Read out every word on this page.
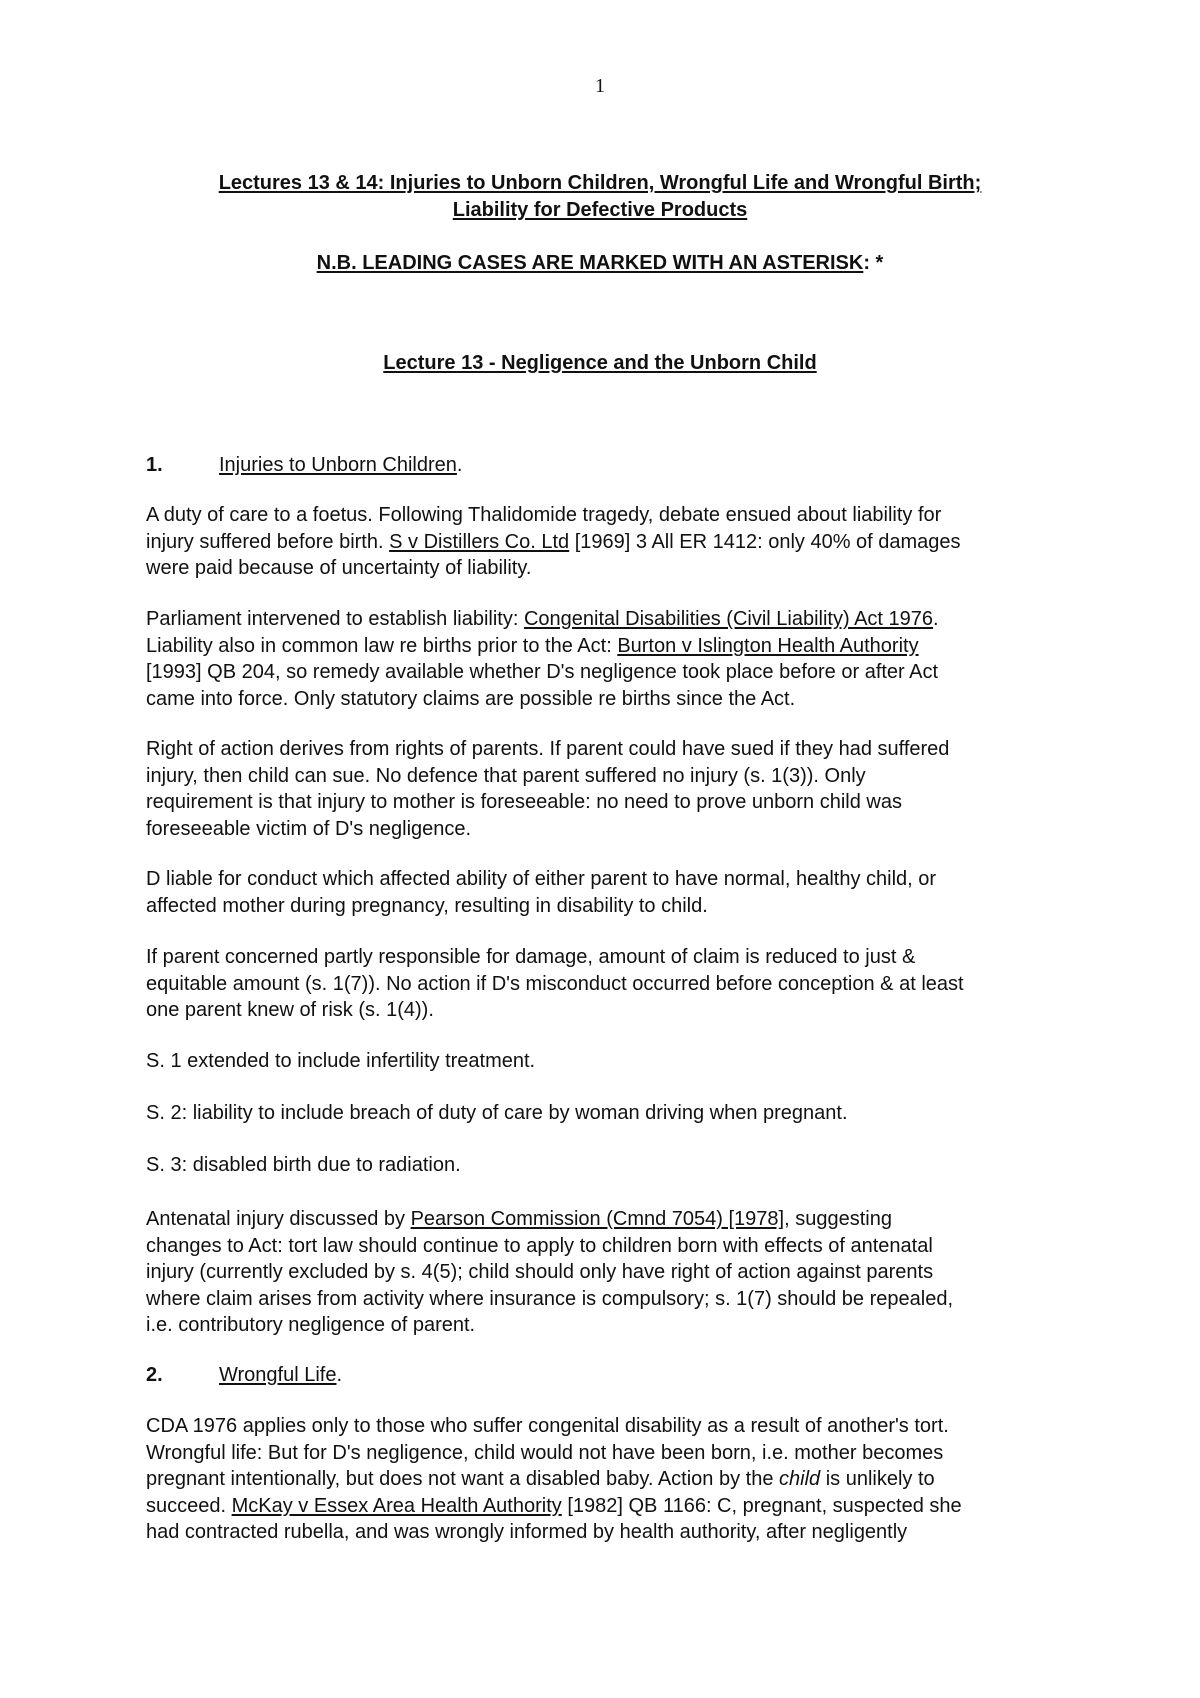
1
Lectures 13 & 14: Injuries to Unborn Children, Wrongful Life and Wrongful Birth;
Liability for Defective Products
N.B. LEADING CASES ARE MARKED WITH AN ASTERISK: *
Lecture 13 - Negligence and the Unborn Child
1.	Injuries to Unborn Children.
A duty of care to a foetus. Following Thalidomide tragedy, debate ensued about liability for
injury suffered before birth. S v Distillers Co. Ltd [1969] 3 All ER 1412: only 40% of damages
were paid because of uncertainty of liability.
Parliament intervened to establish liability: Congenital Disabilities (Civil Liability) Act 1976.
Liability also in common law re births prior to the Act: Burton v Islington Health Authority
[1993] QB 204, so remedy available whether D's negligence took place before or after Act
came into force. Only statutory claims are possible re births since the Act.
Right of action derives from rights of parents. If parent could have sued if they had suffered
injury, then child can sue. No defence that parent suffered no injury (s. 1(3)). Only
requirement is that injury to mother is foreseeable: no need to prove unborn child was
foreseeable victim of D's negligence.
D liable for conduct which affected ability of either parent to have normal, healthy child, or
affected mother during pregnancy, resulting in disability to child.
If parent concerned partly responsible for damage, amount of claim is reduced to just &
equitable amount (s. 1(7)). No action if D's misconduct occurred before conception & at least
one parent knew of risk (s. 1(4)).
S. 1 extended to include infertility treatment.
S. 2: liability to include breach of duty of care by woman driving when pregnant.
S. 3: disabled birth due to radiation.
Antenatal injury discussed by Pearson Commission (Cmnd 7054) [1978], suggesting
changes to Act: tort law should continue to apply to children born with effects of antenatal
injury (currently excluded by s. 4(5); child should only have right of action against parents
where claim arises from activity where insurance is compulsory; s. 1(7) should be repealed,
i.e. contributory negligence of parent.
2.	Wrongful Life.
CDA 1976 applies only to those who suffer congenital disability as a result of another's tort.
Wrongful life: But for D's negligence, child would not have been born, i.e. mother becomes
pregnant intentionally, but does not want a disabled baby. Action by the child is unlikely to
succeed. McKay v Essex Area Health Authority [1982] QB 1166: C, pregnant, suspected she
had contracted rubella, and was wrongly informed by health authority, after negligently
